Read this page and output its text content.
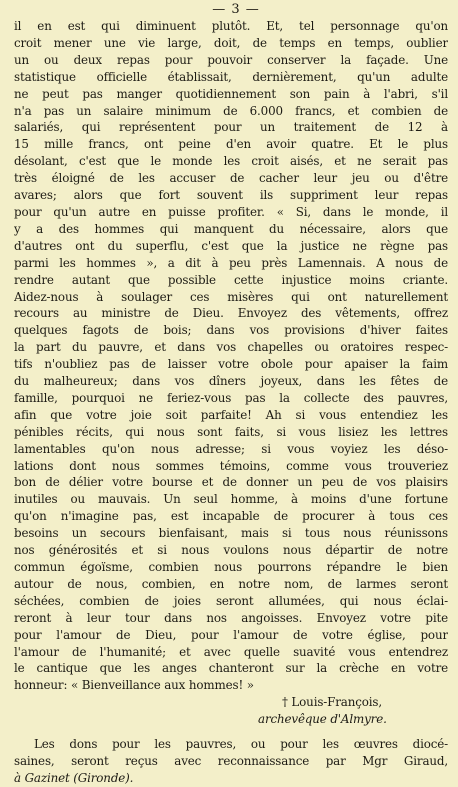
— 3 —
il en est qui diminuent plutôt. Et, tel personnage qu'on
croit mener une vie large, doit, de temps en temps, oublier
un ou deux repas pour pouvoir conserver la façade. Une
statistique officielle établissait, dernièrement, qu'un adulte
ne peut pas manger quotidiennement son pain à l'abri, s'il
n'a pas un salaire minimum de 6.000 francs, et combien de
salariés, qui représentent pour un traitement de 12 à
15 mille francs, ont peine d'en avoir quatre. Et le plus
désolant, c'est que le monde les croit aisés, et ne serait pas
très éloigné de les accuser de cacher leur jeu ou d'être
avares; alors que fort souvent ils suppriment leur repas
pour qu'un autre en puisse profiter. « Si, dans le monde, il
y a des hommes qui manquent du nécessaire, alors que
d'autres ont du superflu, c'est que la justice ne règne pas
parmi les hommes », a dit à peu près Lamennais. A nous de
rendre autant que possible cette injustice moins criante.
Aidez-nous à soulager ces misères qui ont naturellement
recours au ministre de Dieu. Envoyez des vêtements, offrez
quelques fagots de bois; dans vos provisions d'hiver faites
la part du pauvre, et dans vos chapelles ou oratoires respec-
tifs n'oubliez pas de laisser votre obole pour apaiser la faim
du malheureux; dans vos dîners joyeux, dans les fêtes de
famille, pourquoi ne feriez-vous pas la collecte des pauvres,
afin que votre joie soit parfaite! Ah si vous entendiez les
pénibles récits, qui nous sont faits, si vous lisiez les lettres
lamentables qu'on nous adresse; si vous voyiez les déso-
lations dont nous sommes témoins, comme vous trouveriez
bon de délier votre bourse et de donner un peu de vos plaisirs
inutiles ou mauvais. Un seul homme, à moins d'une fortune
qu'on n'imagine pas, est incapable de procurer à tous ces
besoins un secours bienfaisant, mais si tous nous réunissons
nos générosités et si nous voulons nous départir de notre
commun égoïsme, combien nous pourrons répandre le bien
autour de nous, combien, en notre nom, de larmes seront
séchées, combien de joies seront allumées, qui nous éclai-
reront à leur tour dans nos angoisses. Envoyez votre pite
pour l'amour de Dieu, pour l'amour de votre église, pour
l'amour de l'humanité; et avec quelle suavité vous entendrez
le cantique que les anges chanteront sur la crèche en votre
honneur: « Bienveillance aux hommes! »
† Louis-François,
archevêque d'Almyre.
Les dons pour les pauvres, ou pour les œuvres diocé-
saines, seront reçus avec reconnaissance par Mgr Giraud,
à Gazinet (Gironde).
